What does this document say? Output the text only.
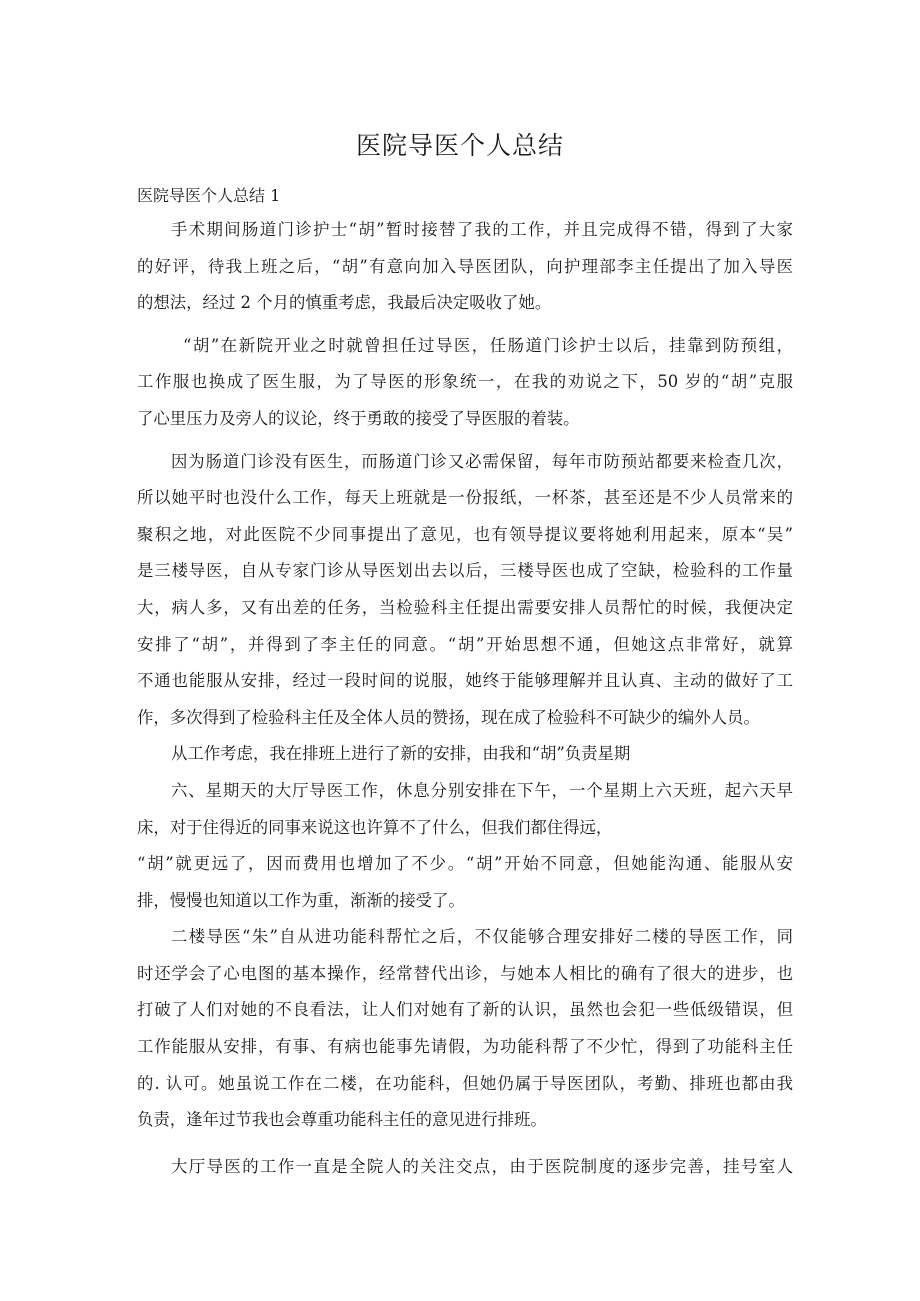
医院导医个人总结

医院导医个人总结 1

手术期间肠道门诊护士“胡”暂时接替了我的工作，并且完成得不错，得到了大家
的好评，待我上班之后，“胡”有意向加入导医团队，向护理部李主任提出了加入导医
的想法，经过 2 个月的慎重考虑，我最后决定吸收了她。

“胡”在新院开业之时就曾担任过导医，任肠道门诊护士以后，挂靠到防预组，
工作服也换成了医生服，为了导医的形象统一，在我的劝说之下，50 岁的“胡”克服
了心里压力及旁人的议论，终于勇敢的接受了导医服的着装。

因为肠道门诊没有医生，而肠道门诊又必需保留，每年市防预站都要来检查几次，
所以她平时也没什么工作，每天上班就是一份报纸，一杯茶，甚至还是不少人员常来的
聚积之地，对此医院不少同事提出了意见，也有领导提议要将她利用起来，原本“吴”
是三楼导医，自从专家门诊从导医划出去以后，三楼导医也成了空缺，检验科的工作量
大，病人多，又有出差的任务，当检验科主任提出需要安排人员帮忙的时候，我便决定
安排了“胡”，并得到了李主任的同意。“胡”开始思想不通，但她这点非常好，就算
不通也能服从安排，经过一段时间的说服，她终于能够理解并且认真、主动的做好了工
作，多次得到了检验科主任及全体人员的赞扬，现在成了检验科不可缺少的编外人员。

从工作考虑，我在排班上进行了新的安排，由我和“胡”负责星期

六、星期天的大厅导医工作，休息分别安排在下午，一个星期上六天班，起六天早
床，对于住得近的同事来说这也许算不了什么，但我们都住得远，
“胡”就更远了，因而费用也增加了不少。“胡”开始不同意，但她能沟通、能服从安
排，慢慢也知道以工作为重，渐渐的接受了。

二楼导医“朱”自从进功能科帮忙之后，不仅能够合理安排好二楼的导医工作，同
时还学会了心电图的基本操作，经常替代出诊，与她本人相比的确有了很大的进步，也
打破了人们对她的不良看法，让人们对她有了新的认识，虽然也会犯一些低级错误，但
工作能服从安排，有事、有病也能事先请假，为功能科帮了不少忙，得到了功能科主任
的. 认可。她虽说工作在二楼，在功能科，但她仍属于导医团队，考勤、排班也都由我
负责，逢年过节我也会尊重功能科主任的意见进行排班。

大厅导医的工作一直是全院人的关注交点，由于医院制度的逐步完善，挂号室人
